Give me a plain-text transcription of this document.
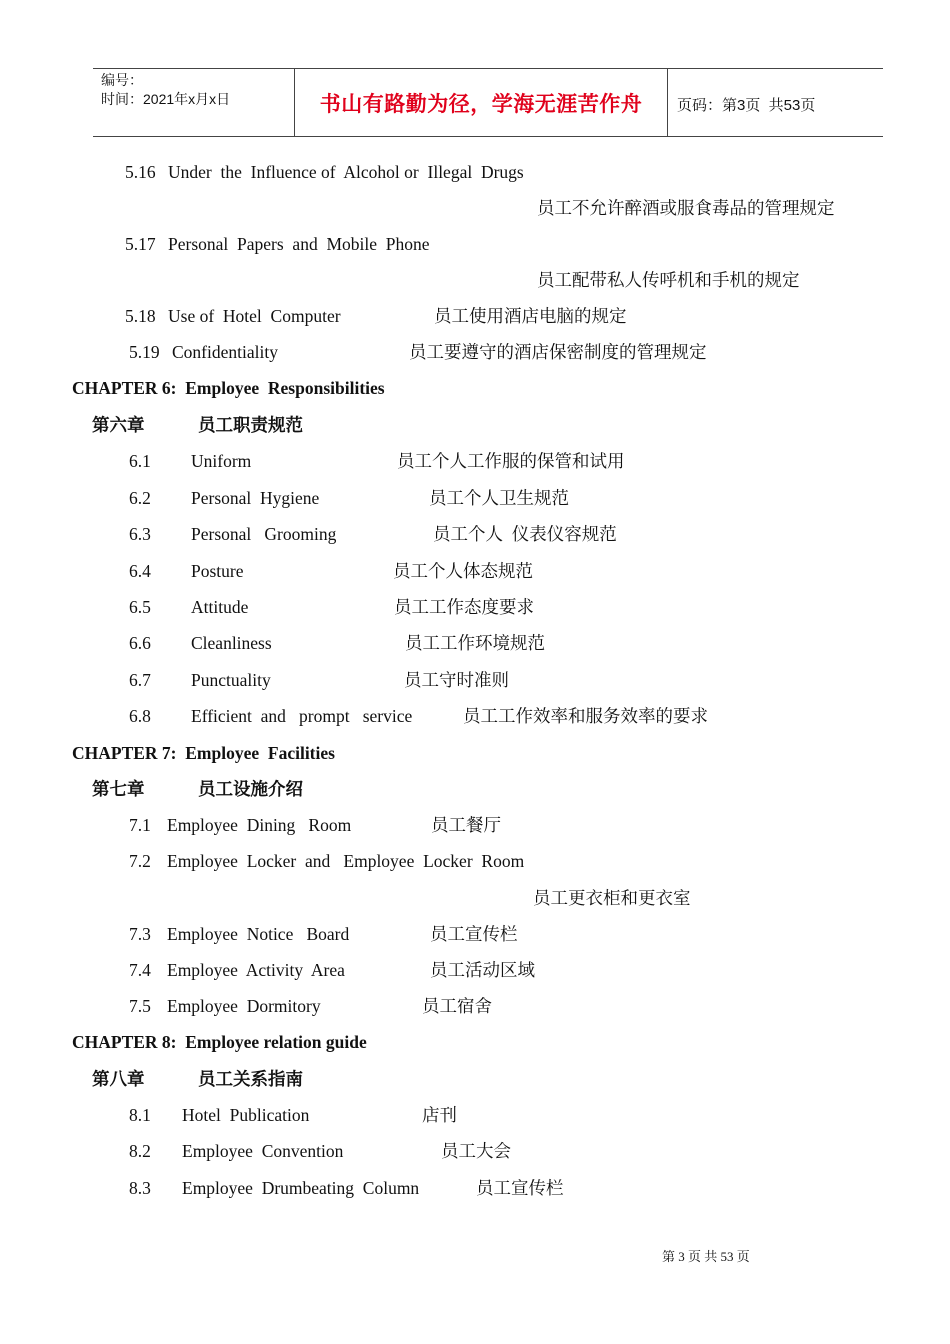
编号：
时间：2021年x月x日	书山有路勤为径，学海无涯苦作舟	页码：第3页  共53页
5.16 Under  the  Influence of  Alcohol or  Illegal  Drugs
员工不允许醉酒或服食毒品的管理规定
5.17 Personal  Papers  and  Mobile  Phone
员工配带私人传呼机和手机的规定
5.18 Use of  Hotel  Computer	员工使用酒店电脑的规定
5.19 Confidentiality	员工要遵守的酒店保密制度的管理规定
CHAPTER 6:  Employee  Responsibilities
第六章	员工职责规范
6.1 Uniform	员工个人工作服的保管和试用
6.2 Personal  Hygiene	员工个人卫生规范
6.3 Personal   Grooming	员工个人  仪表仪容规范
6.4 Posture	员工个人体态规范
6.5 Attitude	员工工作态度要求
6.6 Cleanliness	员工工作环境规范
6.7 Punctuality	员工守时准则
6.8 Efficient  and   prompt   service	员工工作效率和服务效率的要求
CHAPTER 7:  Employee  Facilities
第七章	员工设施介绍
7.1 Employee  Dining   Room	员工餐厅
7.2 Employee  Locker  and   Employee  Locker  Room
员工更衣柜和更衣室
7.3 Employee  Notice   Board	员工宣传栏
7.4 Employee  Activity  Area	员工活动区域
7.5 Employee  Dormitory	员工宿舍
CHAPTER 8:  Employee relation guide
第八章	员工关系指南
8.1 Hotel  Publication	店刊
8.2 Employee  Convention	员工大会
8.3 Employee  Drumbeating  Column	员工宣传栏
第 3 页 共 53 页
